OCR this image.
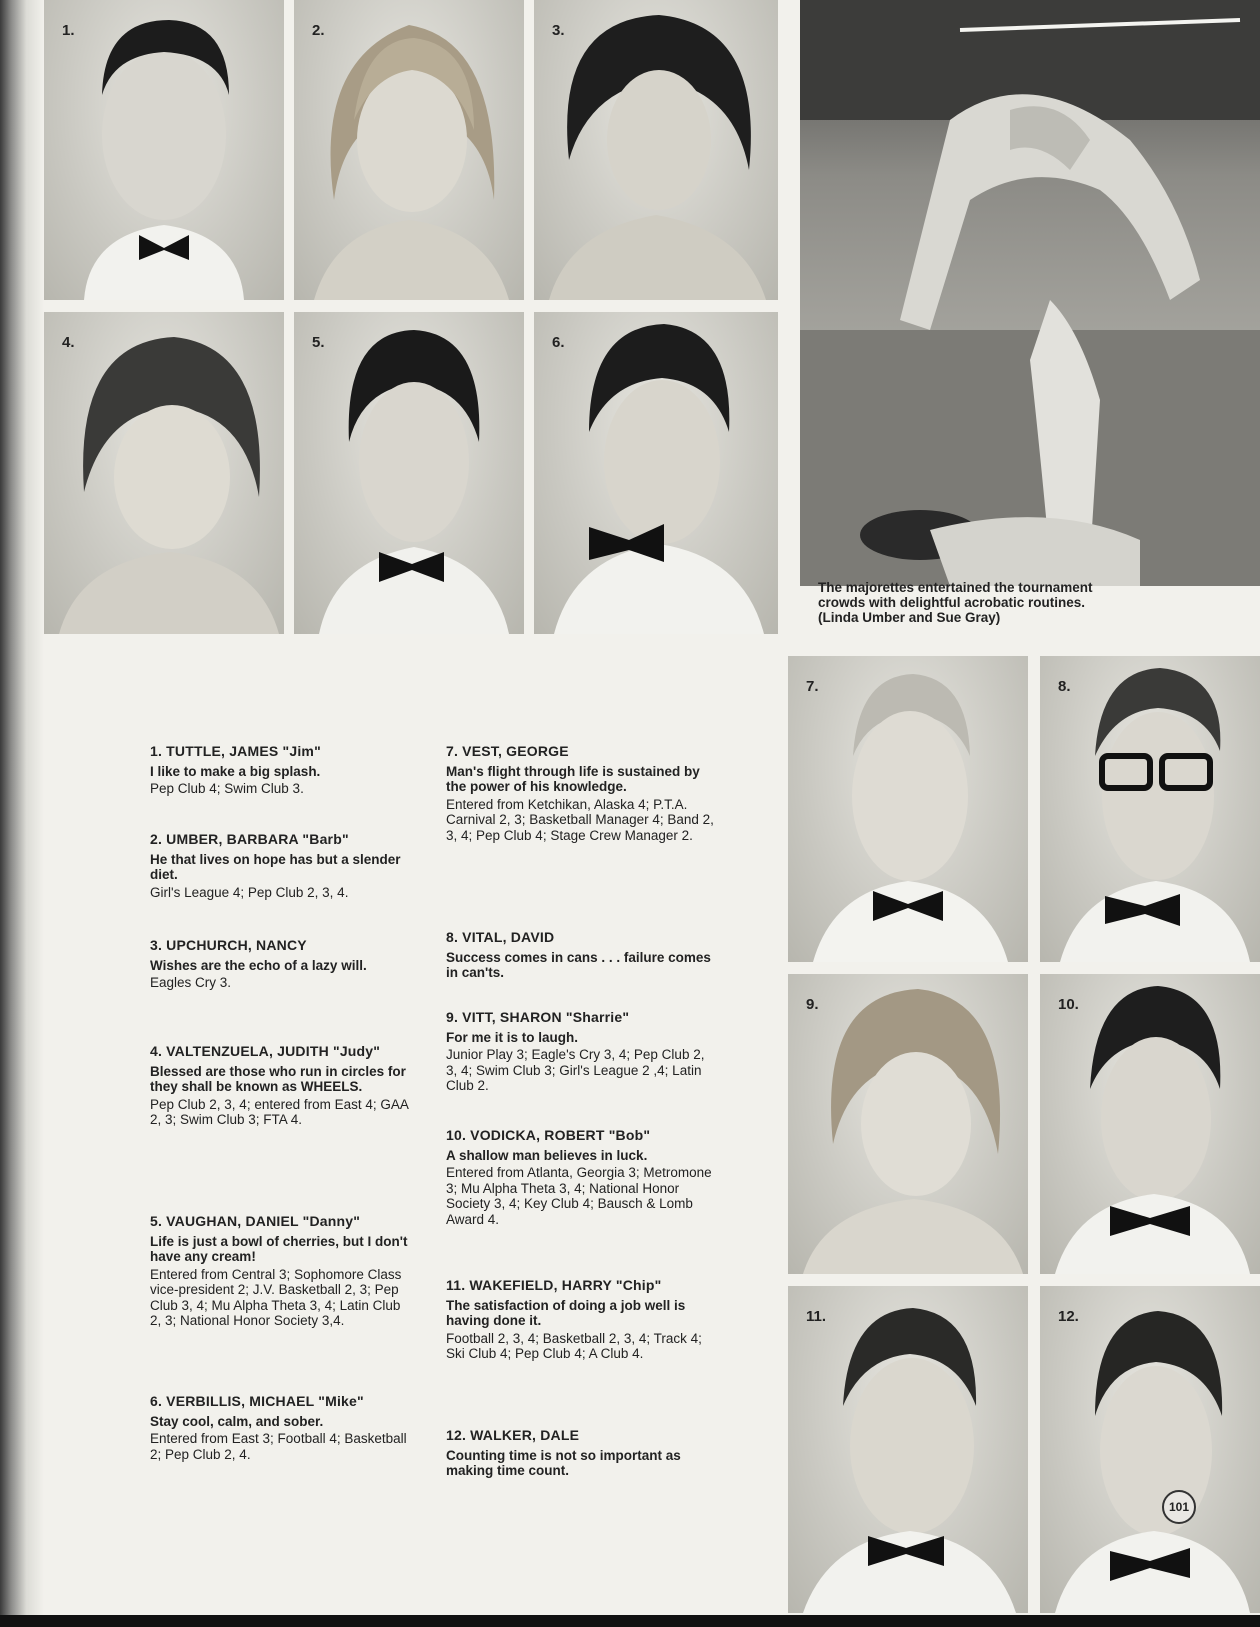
1.	2.	3.
4.	5.	6.
The majorettes entertained the tournament crowds with delightful acrobatic routines. (Linda Umber and Sue Gray)
7.	8.
9.	10.
11.	12.
101
1. TUTTLE, JAMES "Jim"
I like to make a big splash.
Pep Club 4; Swim Club 3.
2. UMBER, BARBARA "Barb"
He that lives on hope has but a slender diet.
Girl's League 4; Pep Club 2, 3, 4.
3. UPCHURCH, NANCY
Wishes are the echo of a lazy will.
Eagles Cry 3.
4. VALTENZUELA, JUDITH "Judy"
Blessed are those who run in circles for they shall be known as WHEELS.
Pep Club 2, 3, 4; entered from East 4; GAA 2, 3; Swim Club 3; FTA 4.
5. VAUGHAN, DANIEL "Danny"
Life is just a bowl of cherries, but I don't have any cream!
Entered from Central 3; Sophomore Class vice-president 2; J.V. Basketball 2, 3; Pep Club 3, 4; Mu Alpha Theta 3, 4; Latin Club 2, 3; National Honor Society 3,4.
6. VERBILLIS, MICHAEL "Mike"
Stay cool, calm, and sober.
Entered from East 3; Football 4; Basketball 2; Pep Club 2, 4.
7. VEST, GEORGE
Man's flight through life is sustained by the power of his knowledge.
Entered from Ketchikan, Alaska 4; P.T.A. Carnival 2, 3; Basketball Manager 4; Band 2, 3, 4; Pep Club 4; Stage Crew Manager 2.
8. VITAL, DAVID
Success comes in cans . . . failure comes in can'ts.
9. VITT, SHARON "Sharrie"
For me it is to laugh.
Junior Play 3; Eagle's Cry 3, 4; Pep Club 2, 3, 4; Swim Club 3; Girl's League 2 ,4; Latin Club 2.
10. VODICKA, ROBERT "Bob"
A shallow man believes in luck.
Entered from Atlanta, Georgia 3; Metromone 3; Mu Alpha Theta 3, 4; National Honor Society 3, 4; Key Club 4; Bausch & Lomb Award 4.
11. WAKEFIELD, HARRY "Chip"
The satisfaction of doing a job well is having done it.
Football 2, 3, 4; Basketball 2, 3, 4; Track 4; Ski Club 4; Pep Club 4; A Club 4.
12. WALKER, DALE
Counting time is not so important as making time count.
